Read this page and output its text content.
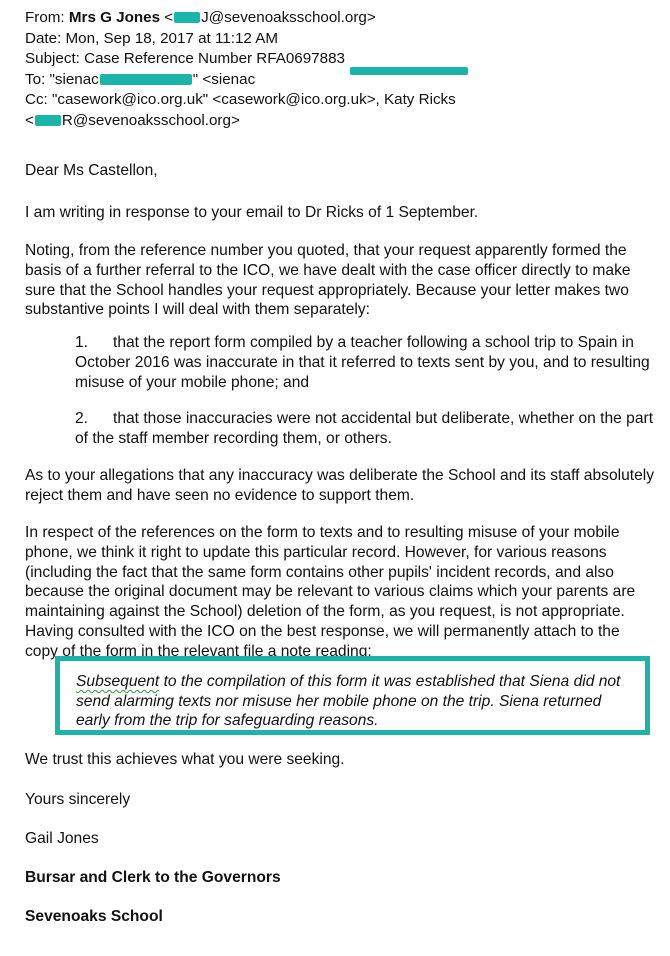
From: Mrs G Jones < J@sevenoaksschool.org>
Date: Mon, Sep 18, 2017 at 11:12 AM
Subject: Case Reference Number RFA0697883
To: "sienac	" <sienac
Cc: "casework@ico.org.uk" <casework@ico.org.uk>, Katy Ricks
< R@sevenoaksschool.org>
Dear Ms Castellon,
I am writing in response to your email to Dr Ricks of 1 September.
Noting, from the reference number you quoted, that your request apparently formed the basis of a further referral to the ICO, we have dealt with the case officer directly to make sure that the School handles your request appropriately. Because your letter makes two substantive points I will deal with them separately:
1. that the report form compiled by a teacher following a school trip to Spain in October 2016 was inaccurate in that it referred to texts sent by you, and to resulting misuse of your mobile phone; and
2. that those inaccuracies were not accidental but deliberate, whether on the part of the staff member recording them, or others.
As to your allegations that any inaccuracy was deliberate the School and its staff absolutely reject them and have seen no evidence to support them.
In respect of the references on the form to texts and to resulting misuse of your mobile phone, we think it right to update this particular record. However, for various reasons (including the fact that the same form contains other pupils' incident records, and also because the original document may be relevant to various claims which your parents are maintaining against the School) deletion of the form, as you request, is not appropriate. Having consulted with the ICO on the best response, we will permanently attach to the copy of the form in the relevant file a note reading:
Subsequent to the compilation of this form it was established that Siena did not send alarming texts nor misuse her mobile phone on the trip. Siena returned early from the trip for safeguarding reasons.
We trust this achieves what you were seeking.
Yours sincerely
Gail Jones
Bursar and Clerk to the Governors
Sevenoaks School
